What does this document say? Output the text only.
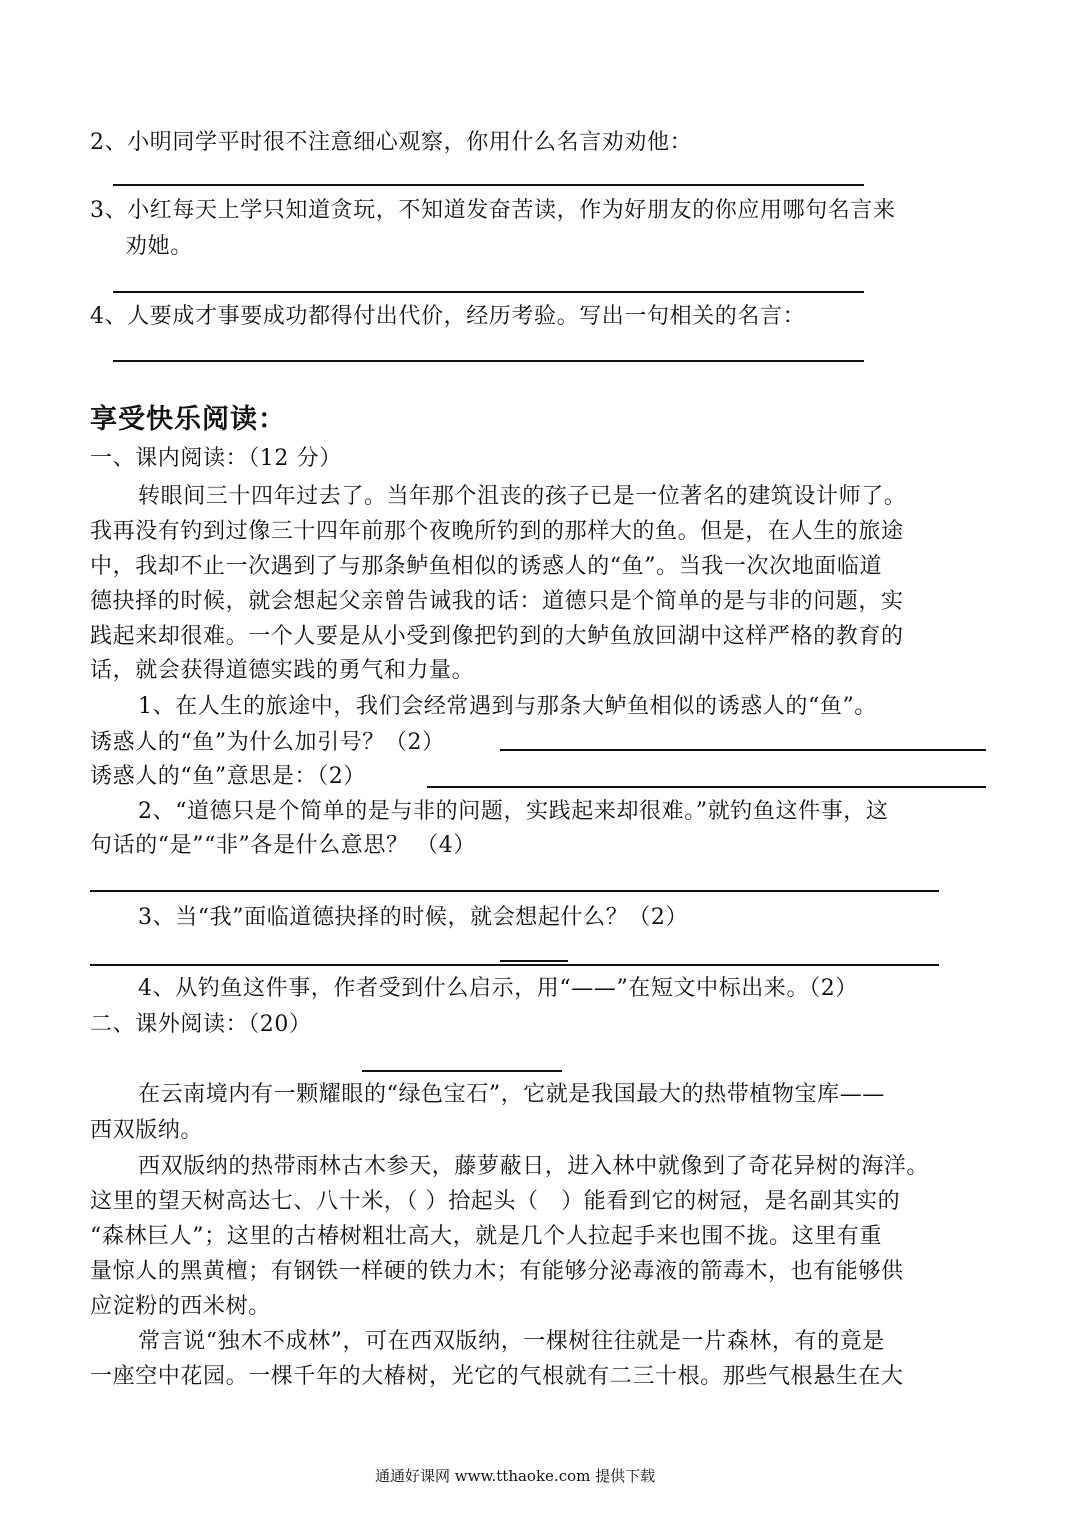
2、小明同学平时很不注意细心观察，你用什么名言劝劝他：
3、小红每天上学只知道贪玩，不知道发奋苦读，作为好朋友的你应用哪句名言来
劝她。
4、人要成才事要成功都得付出代价，经历考验。写出一句相关的名言：
享受快乐阅读：
一、课内阅读：（12 分）
转眼间三十四年过去了。当年那个沮丧的孩子已是一位著名的建筑设计师了。
我再没有钓到过像三十四年前那个夜晚所钓到的那样大的鱼。但是，在人生的旅途
中，我却不止一次遇到了与那条鲈鱼相似的诱惑人的“鱼”。当我一次次地面临道
德抉择的时候，就会想起父亲曾告诫我的话：道德只是个简单的是与非的问题，实
践起来却很难。一个人要是从小受到像把钓到的大鲈鱼放回湖中这样严格的教育的
话，就会获得道德实践的勇气和力量。
1、在人生的旅途中，我们会经常遇到与那条大鲈鱼相似的诱惑人的“鱼”。
诱惑人的“鱼”为什么加引号？（2）
诱惑人的“鱼”意思是：（2）
2、“道德只是个简单的是与非的问题，实践起来却很难。”就钓鱼这件事，这
句话的“是”“非”各是什么意思？ （4）
3、当“我”面临道德抉择的时候，就会想起什么？（2）
4、从钓鱼这件事，作者受到什么启示，用“——”在短文中标出来。（2）
二、课外阅读：（20）
在云南境内有一颗耀眼的“绿色宝石”，它就是我国最大的热带植物宝库——
西双版纳。
西双版纳的热带雨林古木参天，藤萝蔽日，进入林中就像到了奇花异树的海洋。
这里的望天树高达七、八十米，（ ）拾起头（　）能看到它的树冠，是名副其实的
“森林巨人”；这里的古椿树粗壮高大，就是几个人拉起手来也围不拢。这里有重
量惊人的黑黄檀；有钢铁一样硬的铁力木；有能够分泌毒液的箭毒木，也有能够供
应淀粉的西米树。
常言说“独木不成林”，可在西双版纳，一棵树往往就是一片森林，有的竟是
一座空中花园。一棵千年的大椿树，光它的气根就有二三十根。那些气根悬生在大
通通好课网 www.tthaoke.com 提供下载
